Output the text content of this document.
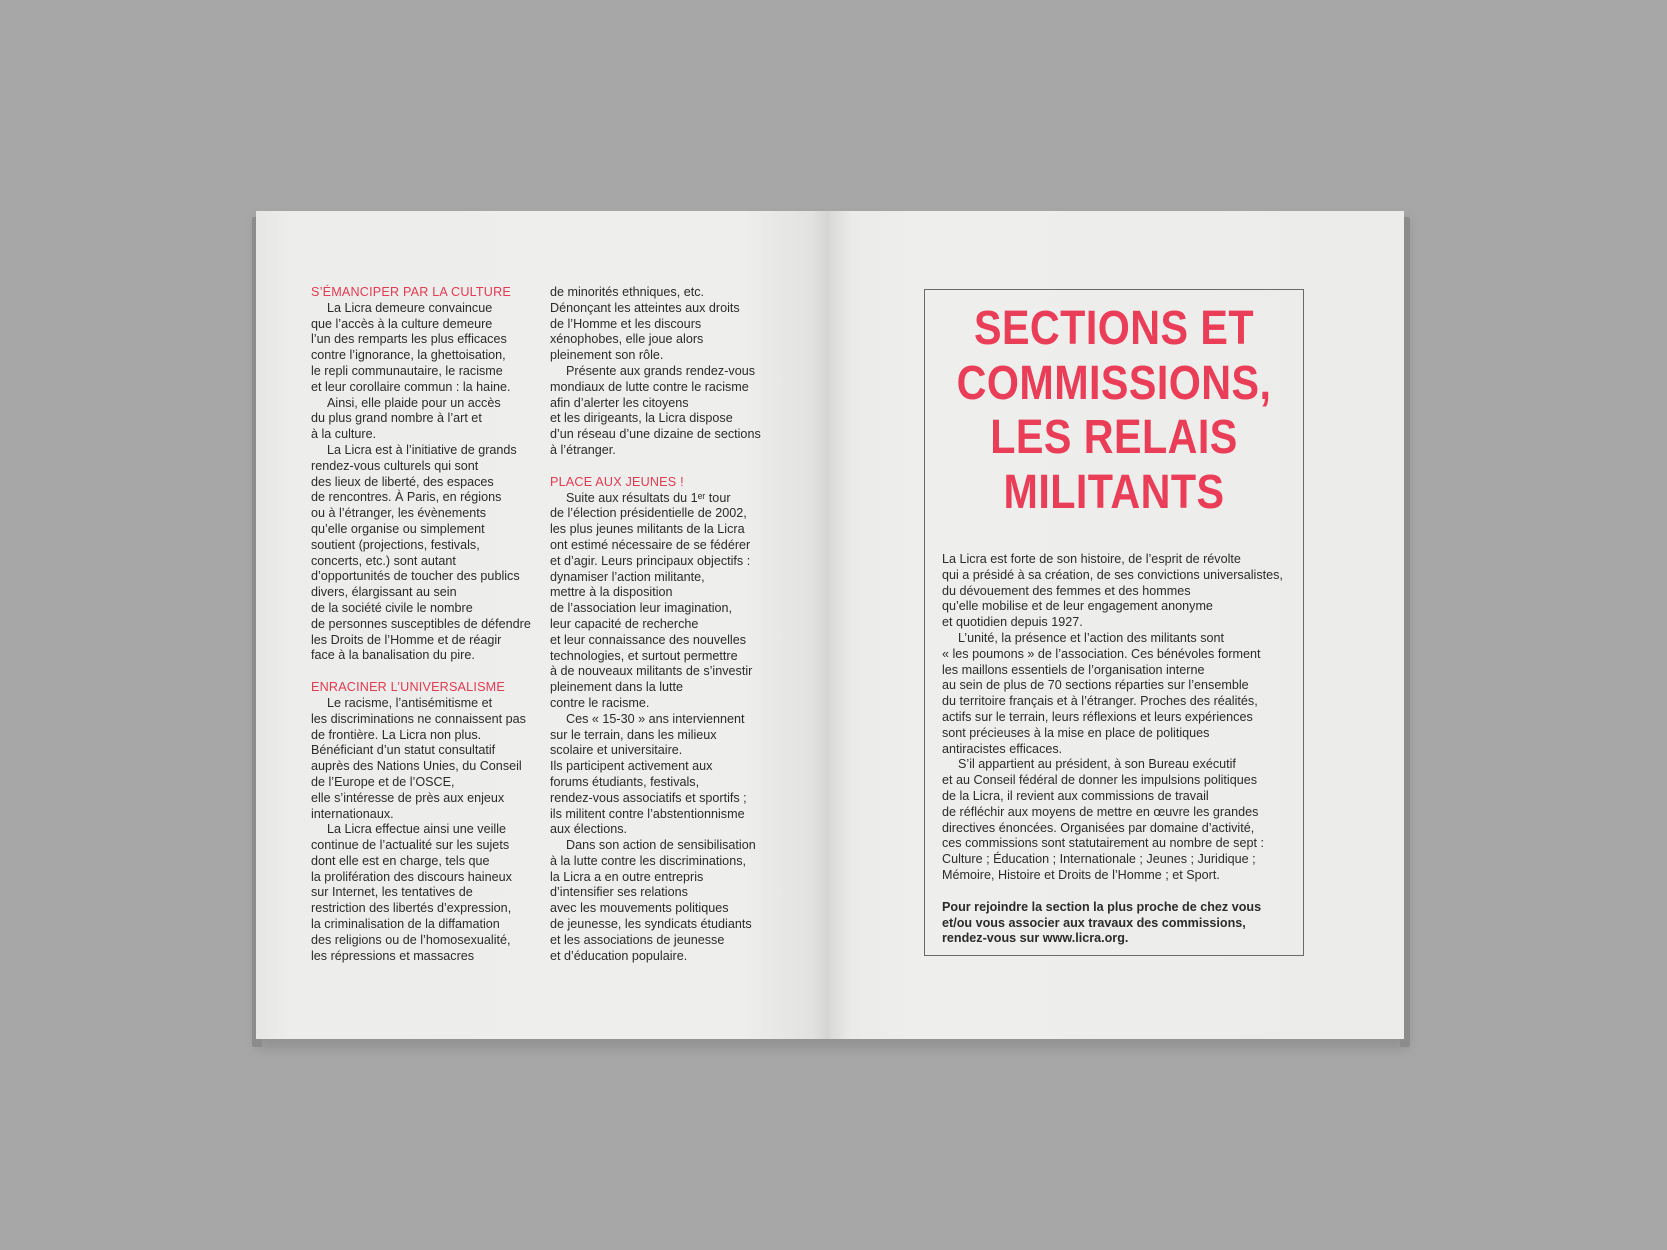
S’ÉMANCIPER PAR LA CULTURE

La Licra demeure convaincue
que l’accès à la culture demeure
l’un des remparts les plus efficaces
contre l’ignorance, la ghettoisation,
le repli communautaire, le racisme
et leur corollaire commun : la haine.

Ainsi, elle plaide pour un accès
du plus grand nombre à l’art et
à la culture.

La Licra est à l’initiative de grands
rendez-vous culturels qui sont
des lieux de liberté, des espaces
de rencontres. À Paris, en régions
ou à l’étranger, les évènements
qu’elle organise ou simplement
soutient (projections, festivals,
concerts, etc.) sont autant
d’opportunités de toucher des publics
divers, élargissant au sein
de la société civile le nombre
de personnes susceptibles de défendre
les Droits de l’Homme et de réagir
face à la banalisation du pire.

ENRACINER L’UNIVERSALISME

Le racisme, l’antisémitisme et
les discriminations ne connaissent pas
de frontière. La Licra non plus.
Bénéficiant d’un statut consultatif
auprès des Nations Unies, du Conseil
de l’Europe et de l’OSCE,
elle s’intéresse de près aux enjeux
internationaux.

La Licra effectue ainsi une veille
continue de l’actualité sur les sujets
dont elle est en charge, tels que
la prolifération des discours haineux
sur Internet, les tentatives de
restriction des libertés d’expression,
la criminalisation de la diffamation
des religions ou de l’homosexualité,
les répressions et massacres

de minorités ethniques, etc.
Dénonçant les atteintes aux droits
de l’Homme et les discours
xénophobes, elle joue alors
pleinement son rôle.

Présente aux grands rendez-vous
mondiaux de lutte contre le racisme
afin d’alerter les citoyens
et les dirigeants, la Licra dispose
d’un réseau d’une dizaine de sections
à l’étranger.

PLACE AUX JEUNES !

Suite aux résultats du 1ᵉʳ tour
de l’élection présidentielle de 2002,
les plus jeunes militants de la Licra
ont estimé nécessaire de se fédérer
et d’agir. Leurs principaux objectifs :
dynamiser l’action militante,
mettre à la disposition
de l’association leur imagination,
leur capacité de recherche
et leur connaissance des nouvelles
technologies, et surtout permettre
à de nouveaux militants de s’investir
pleinement dans la lutte
contre le racisme.

Ces « 15-30 » ans interviennent
sur le terrain, dans les milieux
scolaire et universitaire.
Ils participent activement aux
forums étudiants, festivals,
rendez-vous associatifs et sportifs ;
ils militent contre l’abstentionnisme
aux élections.

Dans son action de sensibilisation
à la lutte contre les discriminations,
la Licra a en outre entrepris
d’intensifier ses relations
avec les mouvements politiques
de jeunesse, les syndicats étudiants
et les associations de jeunesse
et d’éducation populaire.

SECTIONS ET
COMMISSIONS,
LES RELAIS
MILITANTS

La Licra est forte de son histoire, de l’esprit de révolte
qui a présidé à sa création, de ses convictions universalistes,
du dévouement des femmes et des hommes
qu’elle mobilise et de leur engagement anonyme
et quotidien depuis 1927.

L’unité, la présence et l’action des militants sont
« les poumons » de l’association. Ces bénévoles forment
les maillons essentiels de l’organisation interne
au sein de plus de 70 sections réparties sur l’ensemble
du territoire français et à l’étranger. Proches des réalités,
actifs sur le terrain, leurs réflexions et leurs expériences
sont précieuses à la mise en place de politiques
antiracistes efficaces.

S’il appartient au président, à son Bureau exécutif
et au Conseil fédéral de donner les impulsions politiques
de la Licra, il revient aux commissions de travail
de réfléchir aux moyens de mettre en œuvre les grandes
directives énoncées. Organisées par domaine d’activité,
ces commissions sont statutairement au nombre de sept :
Culture ; Éducation ; Internationale ; Jeunes ; Juridique ;
Mémoire, Histoire et Droits de l’Homme ; et Sport.

Pour rejoindre la section la plus proche de chez vous
et/ou vous associer aux travaux des commissions,
rendez-vous sur www.licra.org.
